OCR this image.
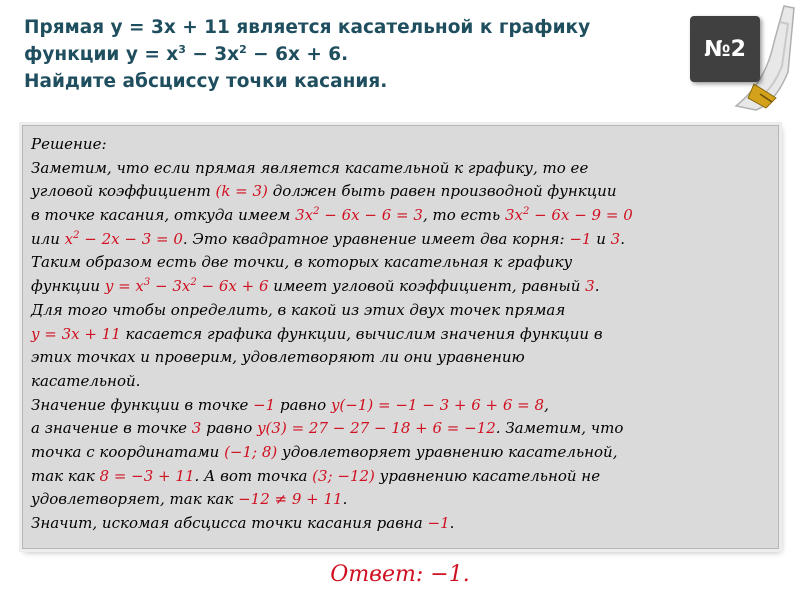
Прямая у = 3х + 11 является касательной к графику
функции $у = х^3 - 3х^2 - 6х + 6$.
Найдите абсциссу точки касания.
№2
Решение:
Заметим, что если прямая является касательной к графику, то ее
угловой коэффициент (k = 3) должен быть равен производной функции
в точке касания, откуда имеем $3x^2 - 6x - 6 = 3$, то есть $3x^2 - 6x - 9 = 0$
или $x^2 - 2x - 3 = 0$. Это квадратное уравнение имеет два корня: −1 и 3.
Таким образом есть две точки, в которых касательная к графику
функции $y = x^3 - 3x^2 - 6x + 6$ имеет угловой коэффициент, равный 3.
Для того чтобы определить, в какой из этих двух точек прямая
y = 3x + 11 касается графика функции, вычислим значения функции в
этих точках и проверим, удовлетворяют ли они уравнению
касательной.
Значение функции в точке −1 равно y(−1) = −1 − 3 + 6 + 6 = 8,
а значение в точке 3 равно y(3) = 27 − 27 − 18 + 6 = −12. Заметим, что
точка с координатами (−1; 8) удовлетворяет уравнению касательной,
так как 8 = −3 + 11. А вот точка (3; −12) уравнению касательной не
удовлетворяет, так как −12 ≠ 9 + 11.
Значит, искомая абсцисса точки касания равна −1.
Ответ: −1.
